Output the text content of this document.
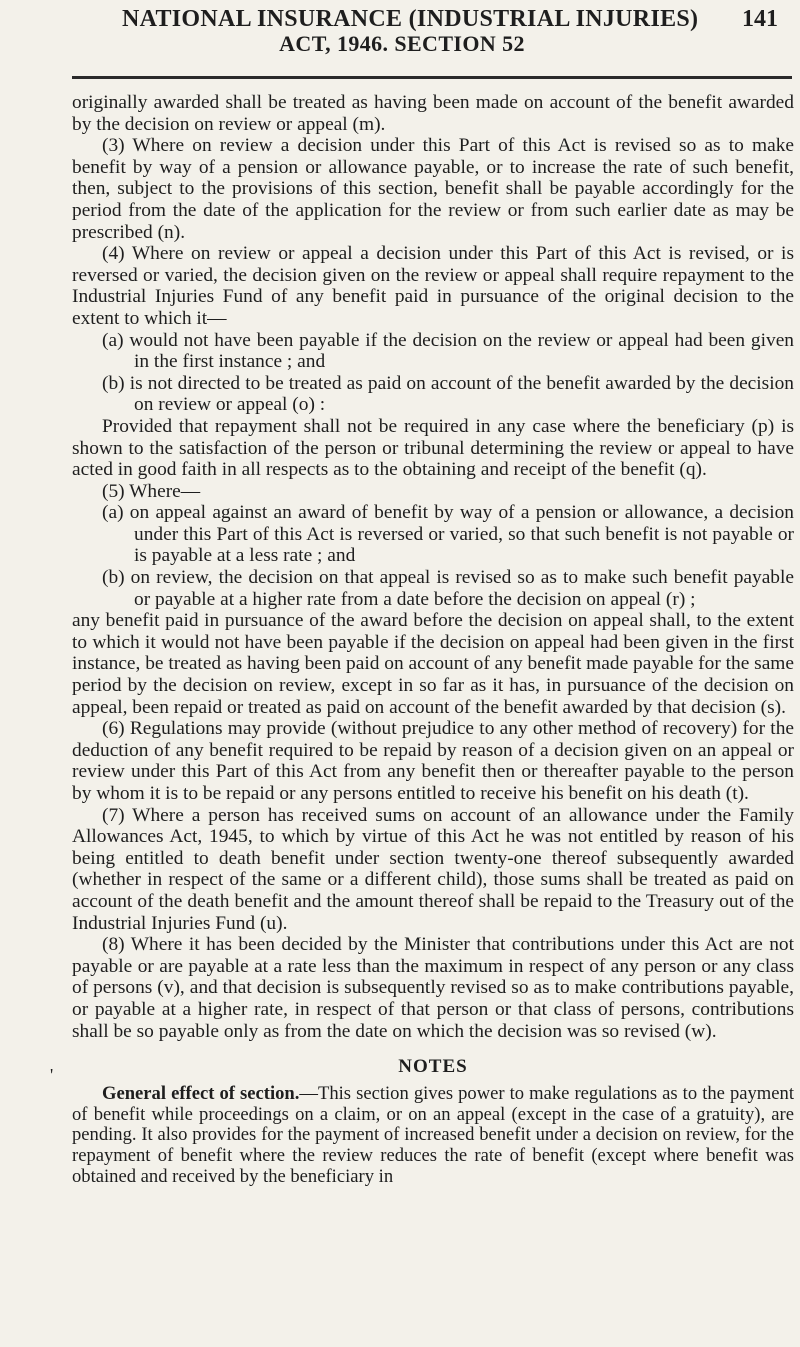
NATIONAL INSURANCE (INDUSTRIAL INJURIES)
ACT, 1946. SECTION 52
141
'

originally awarded shall be treated as having been made on account of the benefit awarded by the decision on review or appeal (m).

(3) Where on review a decision under this Part of this Act is revised so as to make benefit by way of a pension or allowance payable, or to increase the rate of such benefit, then, subject to the provisions of this section, benefit shall be payable accordingly for the period from the date of the application for the review or from such earlier date as may be prescribed (n).

(4) Where on review or appeal a decision under this Part of this Act is revised, or is reversed or varied, the decision given on the review or appeal shall require repayment to the Industrial Injuries Fund of any benefit paid in pursuance of the original decision to the extent to which it—

(a) would not have been payable if the decision on the review or appeal had been given in the first instance ; and

(b) is not directed to be treated as paid on account of the benefit awarded by the decision on review or appeal (o) :

Provided that repayment shall not be required in any case where the beneficiary (p) is shown to the satisfaction of the person or tribunal determining the review or appeal to have acted in good faith in all respects as to the obtaining and receipt of the benefit (q).

(5) Where—

(a) on appeal against an award of benefit by way of a pension or allowance, a decision under this Part of this Act is reversed or varied, so that such benefit is not payable or is payable at a less rate ; and

(b) on review, the decision on that appeal is revised so as to make such benefit payable or payable at a higher rate from a date before the decision on appeal (r) ;

any benefit paid in pursuance of the award before the decision on appeal shall, to the extent to which it would not have been payable if the decision on appeal had been given in the first instance, be treated as having been paid on account of any benefit made payable for the same period by the decision on review, except in so far as it has, in pursuance of the decision on appeal, been repaid or treated as paid on account of the benefit awarded by that decision (s).

(6) Regulations may provide (without prejudice to any other method of recovery) for the deduction of any benefit required to be repaid by reason of a decision given on an appeal or review under this Part of this Act from any benefit then or thereafter payable to the person by whom it is to be repaid or any persons entitled to receive his benefit on his death (t).

(7) Where a person has received sums on account of an allowance under the Family Allowances Act, 1945, to which by virtue of this Act he was not entitled by reason of his being entitled to death benefit under section twenty-one thereof subsequently awarded (whether in respect of the same or a different child), those sums shall be treated as paid on account of the death benefit and the amount thereof shall be repaid to the Treasury out of the Industrial Injuries Fund (u).

(8) Where it has been decided by the Minister that contributions under this Act are not payable or are payable at a rate less than the maximum in respect of any person or any class of persons (v), and that decision is subsequently revised so as to make contributions payable, or payable at a higher rate, in respect of that person or that class of persons, contributions shall be so payable only as from the date on which the decision was so revised (w).

NOTES

General effect of section.—This section gives power to make regulations as to the payment of benefit while proceedings on a claim, or on an appeal (except in the case of a gratuity), are pending. It also provides for the payment of increased benefit under a decision on review, for the repayment of benefit where the review reduces the rate of benefit (except where benefit was obtained and received by the beneficiary in
